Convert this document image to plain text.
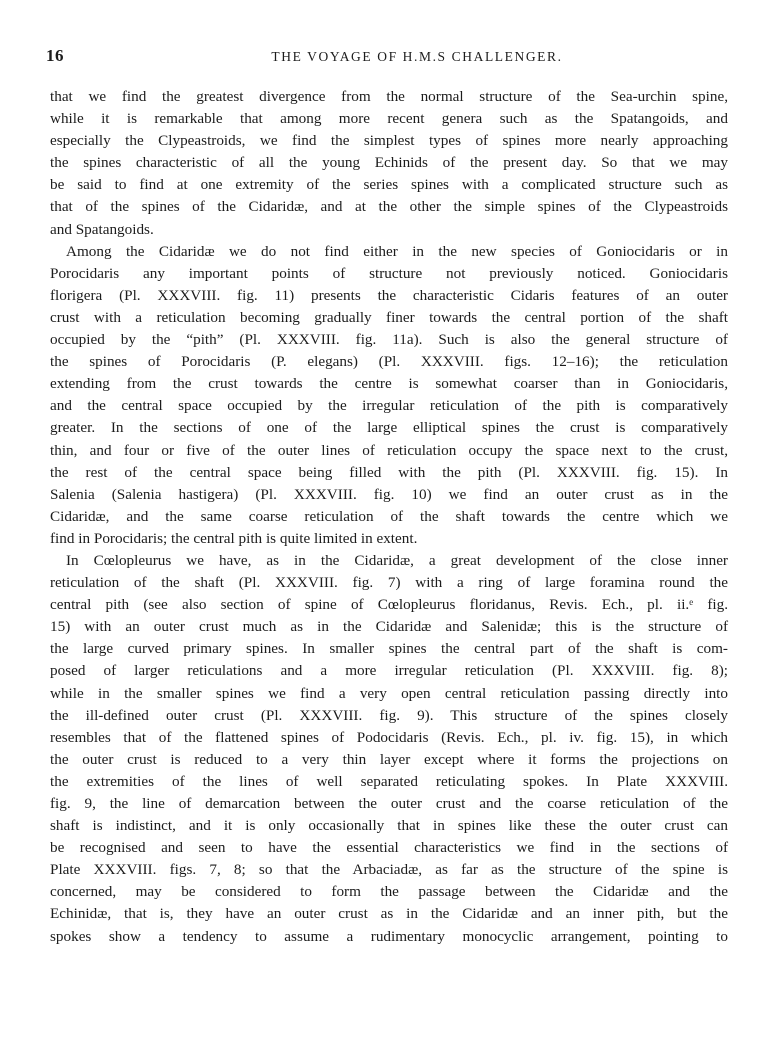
16	THE VOYAGE OF H.M.S CHALLENGER.
that we find the greatest divergence from the normal structure of the Sea-urchin spine,
while it is remarkable that among more recent genera such as the Spatangoids, and
especially the Clypeastroids, we find the simplest types of spines more nearly approaching
the spines characteristic of all the young Echinids of the present day. So that we may
be said to find at one extremity of the series spines with a complicated structure such as
that of the spines of the Cidaridæ, and at the other the simple spines of the Clypeastroids
and Spatangoids.
Among the Cidaridæ we do not find either in the new species of Goniocidaris or in
Porocidaris any important points of structure not previously noticed. Goniocidaris
florigera (Pl. XXXVIII. fig. 11) presents the characteristic Cidaris features of an outer
crust with a reticulation becoming gradually finer towards the central portion of the shaft
occupied by the “pith” (Pl. XXXVIII. fig. 11a). Such is also the general structure of
the spines of Porocidaris (P. elegans) (Pl. XXXVIII. figs. 12–16); the reticulation
extending from the crust towards the centre is somewhat coarser than in Goniocidaris,
and the central space occupied by the irregular reticulation of the pith is comparatively
greater. In the sections of one of the large elliptical spines the crust is comparatively
thin, and four or five of the outer lines of reticulation occupy the space next to the crust,
the rest of the central space being filled with the pith (Pl. XXXVIII. fig. 15). In
Salenia (Salenia hastigera) (Pl. XXXVIII. fig. 10) we find an outer crust as in the
Cidaridæ, and the same coarse reticulation of the shaft towards the centre which we
find in Porocidaris; the central pith is quite limited in extent.
In Cœlopleurus we have, as in the Cidaridæ, a great development of the close inner
reticulation of the shaft (Pl. XXXVIII. fig. 7) with a ring of large foramina round the
central pith (see also section of spine of Cœlopleurus floridanus, Revis. Ech., pl. ii.ᵉ fig.
15) with an outer crust much as in the Cidaridæ and Salenidæ; this is the structure of
the large curved primary spines. In smaller spines the central part of the shaft is com-
posed of larger reticulations and a more irregular reticulation (Pl. XXXVIII. fig. 8);
while in the smaller spines we find a very open central reticulation passing directly into
the ill-defined outer crust (Pl. XXXVIII. fig. 9). This structure of the spines closely
resembles that of the flattened spines of Podocidaris (Revis. Ech., pl. iv. fig. 15), in which
the outer crust is reduced to a very thin layer except where it forms the projections on
the extremities of the lines of well separated reticulating spokes. In Plate XXXVIII.
fig. 9, the line of demarcation between the outer crust and the coarse reticulation of the
shaft is indistinct, and it is only occasionally that in spines like these the outer crust can
be recognised and seen to have the essential characteristics we find in the sections of
Plate XXXVIII. figs. 7, 8; so that the Arbaciadæ, as far as the structure of the spine is
concerned, may be considered to form the passage between the Cidaridæ and the
Echinidæ, that is, they have an outer crust as in the Cidaridæ and an inner pith, but the
spokes show a tendency to assume a rudimentary monocyclic arrangement, pointing to
